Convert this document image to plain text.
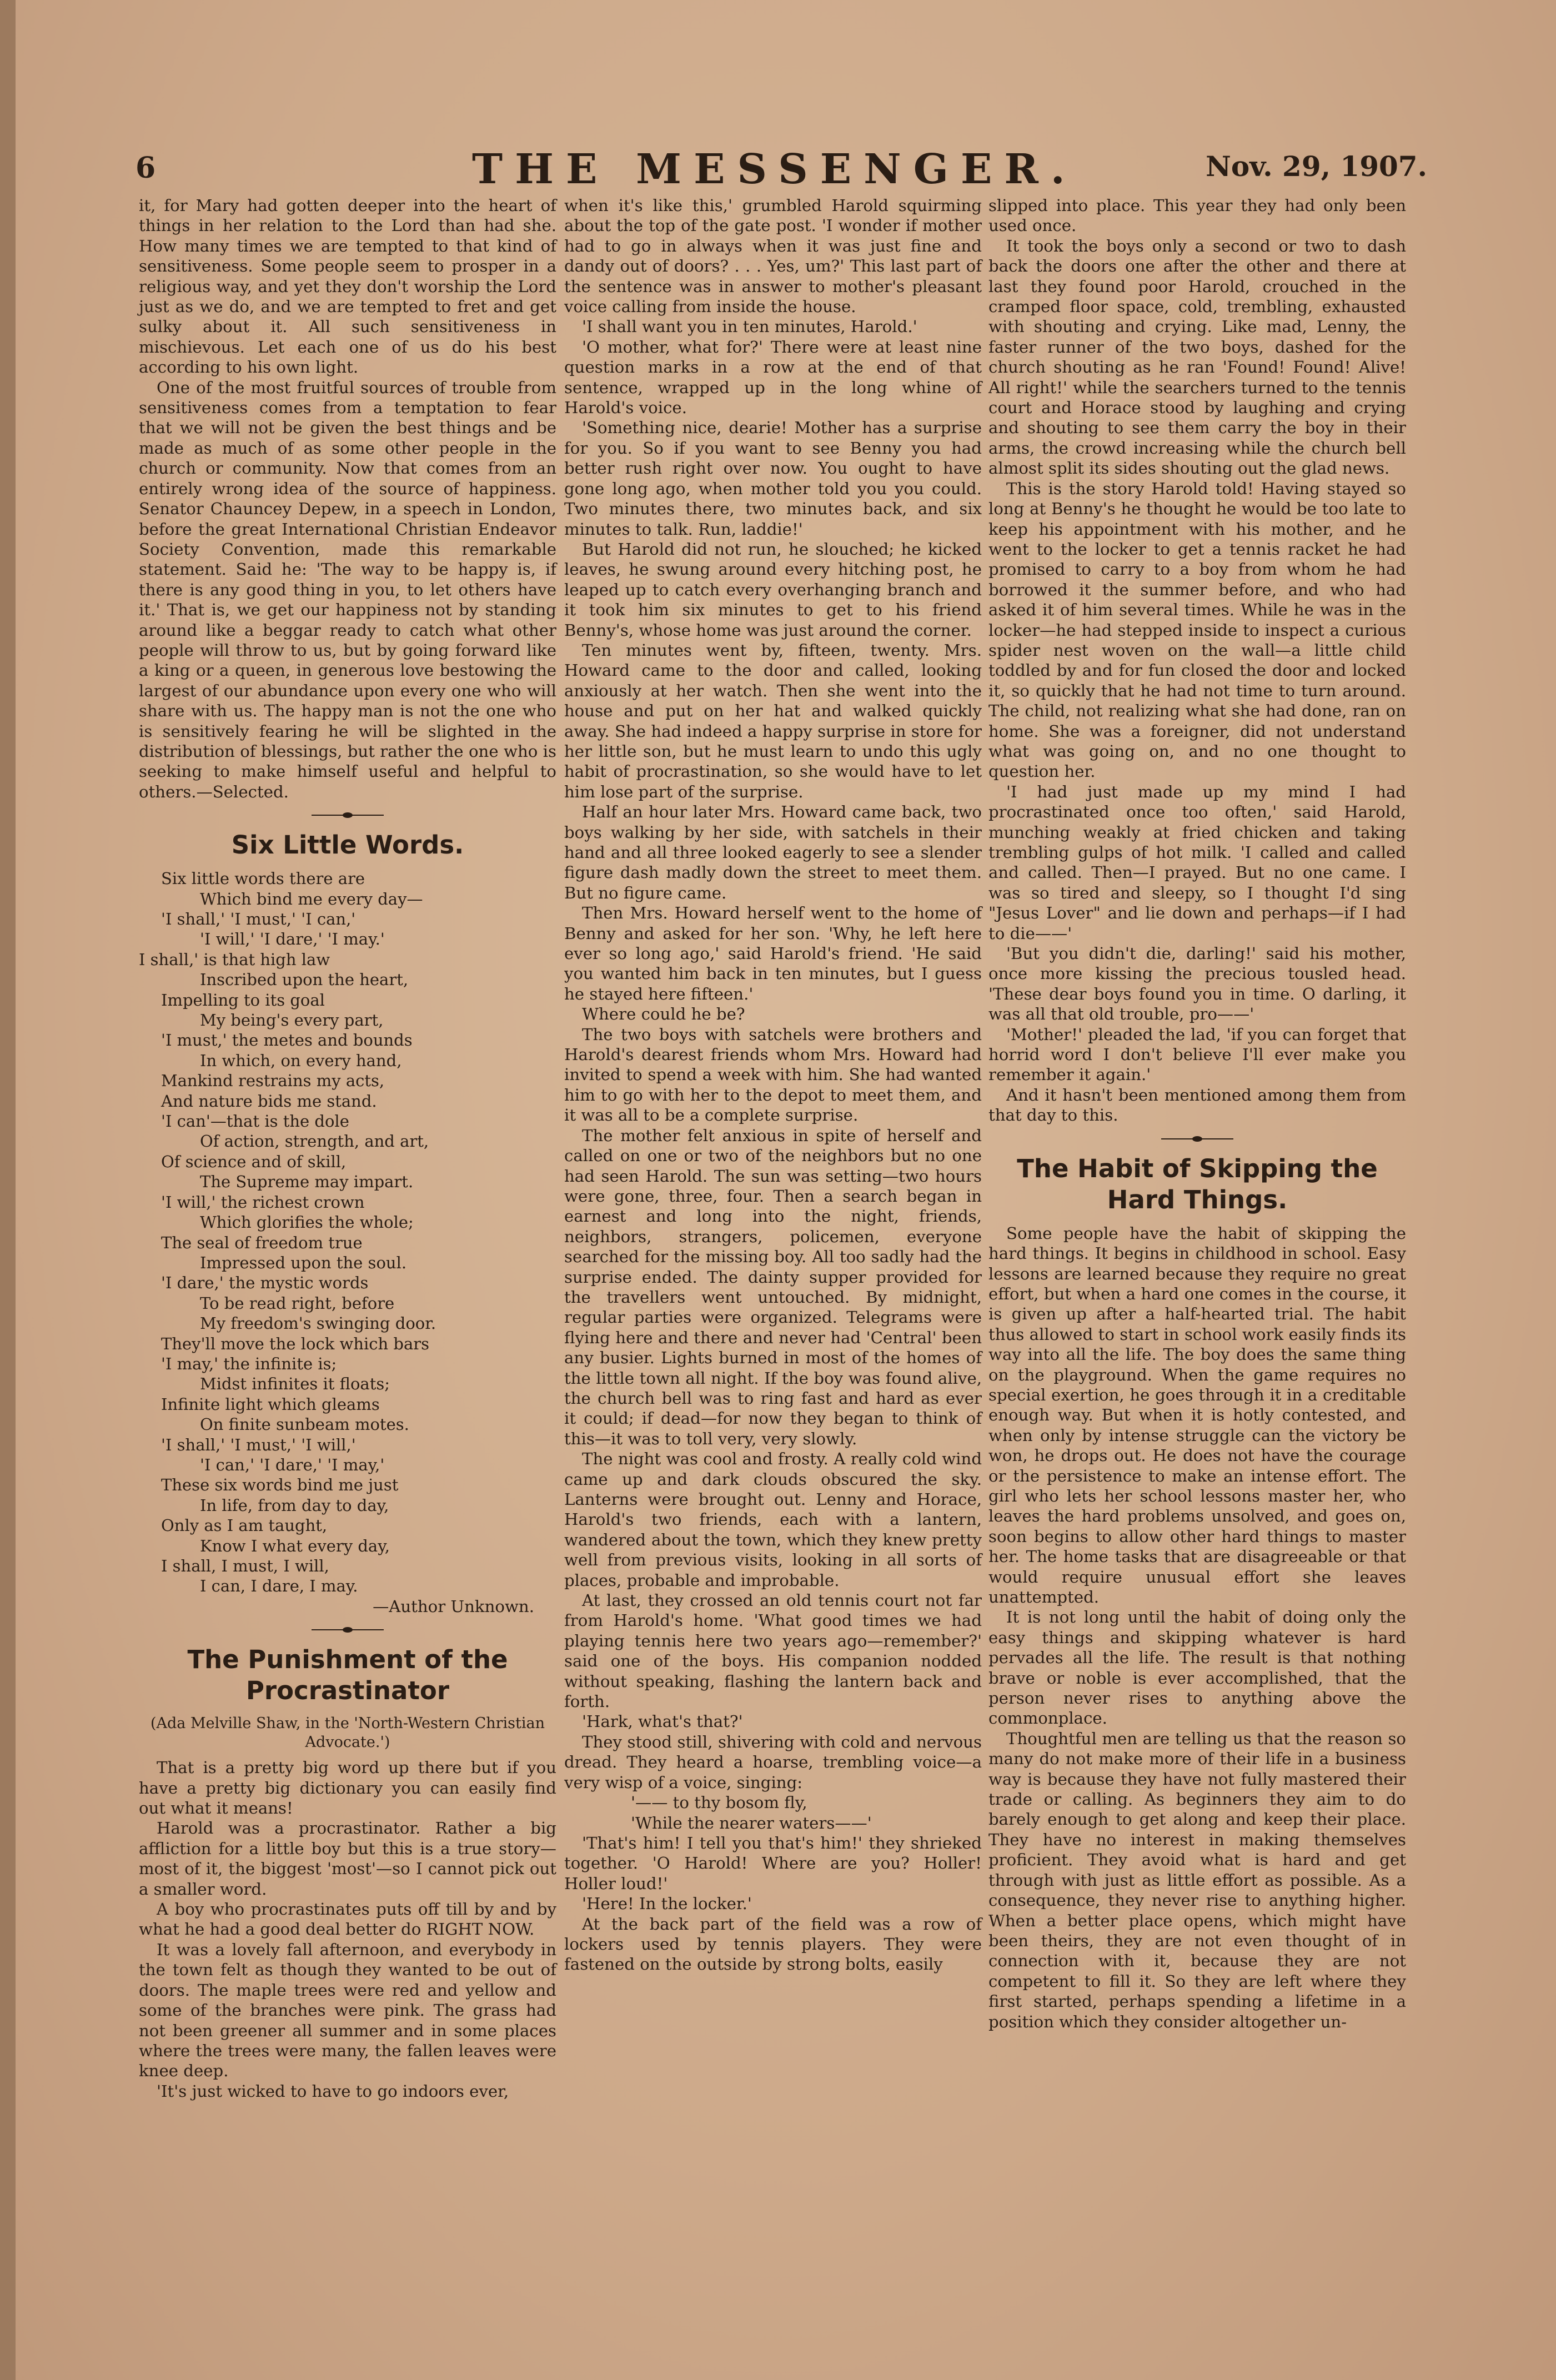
6	THE MESSENGER.	Nov. 29, 1907.

it, for Mary had gotten deeper into the heart of things in her relation to the Lord than had she. How many times we are tempted to that kind of sensitiveness. Some people seem to prosper in a religious way, and yet they don't worship the Lord just as we do, and we are tempted to fret and get sulky about it. All such sensitiveness in mischievous. Let each one of us do his best according to his own light.

One of the most fruitful sources of trouble from sensitiveness comes from a temptation to fear that we will not be given the best things and be made as much of as some other people in the church or community. Now that comes from an entirely wrong idea of the source of happiness. Senator Chauncey Depew, in a speech in London, before the great International Christian Endeavor Society Convention, made this remarkable statement. Said he: 'The way to be happy is, if there is any good thing in you, to let others have it.' That is, we get our happiness not by standing around like a beggar ready to catch what other people will throw to us, but by going forward like a king or a queen, in generous love bestowing the largest of our abundance upon every one who will share with us. The happy man is not the one who is sensitively fearing he will be slighted in the distribution of blessings, but rather the one who is seeking to make himself useful and helpful to others.—Selected.

Six Little Words.
Six little words there are
Which bind me every day—
'I shall,' 'I must,' 'I can,'
'I will,' 'I dare,' 'I may.'
I shall,' is that high law
Inscribed upon the heart,
Impelling to its goal
My being's every part,
'I must,' the metes and bounds
In which, on every hand,
Mankind restrains my acts,
And nature bids me stand.
'I can'—that is the dole
Of action, strength, and art,
Of science and of skill,
The Supreme may impart.
'I will,' the richest crown
Which glorifies the whole;
The seal of freedom true
Impressed upon the soul.
'I dare,' the mystic words
To be read right, before
My freedom's swinging door.
They'll move the lock which bars
'I may,' the infinite is;
Midst infinites it floats;
Infinite light which gleams
On finite sunbeam motes.
'I shall,' 'I must,' 'I will,'
'I can,' 'I dare,' 'I may,'
These six words bind me just
In life, from day to day,
Only as I am taught,
Know I what every day,
I shall, I must, I will,
I can, I dare, I may.
—Author Unknown.
The Punishment of the Procrastinator
(Ada Melville Shaw, in the 'North-Western Christian Advocate.')

That is a pretty big word up there but if you have a pretty big dictionary you can easily find out what it means!

Harold was a procrastinator. Rather a big affliction for a little boy but this is a true story—most of it, the biggest 'most'—so I cannot pick out a smaller word.

A boy who procrastinates puts off till by and by what he had a good deal better do RIGHT NOW.

It was a lovely fall afternoon, and everybody in the town felt as though they wanted to be out of doors. The maple trees were red and yellow and some of the branches were pink. The grass had not been greener all summer and in some places where the trees were many, the fallen leaves were knee deep.

'It's just wicked to have to go indoors ever,

when it's like this,' grumbled Harold squirming about the top of the gate post. 'I wonder if mother had to go in always when it was just fine and dandy out of doors? . . . Yes, um?' This last part of the sentence was in answer to mother's pleasant voice calling from inside the house.

'I shall want you in ten minutes, Harold.'

'O mother, what for?' There were at least nine question marks in a row at the end of that sentence, wrapped up in the long whine of Harold's voice.

'Something nice, dearie! Mother has a surprise for you. So if you want to see Benny you had better rush right over now. You ought to have gone long ago, when mother told you you could. Two minutes there, two minutes back, and six minutes to talk. Run, laddie!'

But Harold did not run, he slouched; he kicked leaves, he swung around every hitching post, he leaped up to catch every overhanging branch and it took him six minutes to get to his friend Benny's, whose home was just around the corner.

Ten minutes went by, fifteen, twenty. Mrs. Howard came to the door and called, looking anxiously at her watch. Then she went into the house and put on her hat and walked quickly away. She had indeed a happy surprise in store for her little son, but he must learn to undo this ugly habit of procrastination, so she would have to let him lose part of the surprise.

Half an hour later Mrs. Howard came back, two boys walking by her side, with satchels in their hand and all three looked eagerly to see a slender figure dash madly down the street to meet them. But no figure came.

Then Mrs. Howard herself went to the home of Benny and asked for her son. 'Why, he left here ever so long ago,' said Harold's friend. 'He said you wanted him back in ten minutes, but I guess he stayed here fifteen.'

Where could he be?

The two boys with satchels were brothers and Harold's dearest friends whom Mrs. Howard had invited to spend a week with him. She had wanted him to go with her to the depot to meet them, and it was all to be a complete surprise.

The mother felt anxious in spite of herself and called on one or two of the neighbors but no one had seen Harold. The sun was setting—two hours were gone, three, four. Then a search began in earnest and long into the night, friends, neighbors, strangers, policemen, everyone searched for the missing boy. All too sadly had the surprise ended. The dainty supper provided for the travellers went untouched. By midnight, regular parties were organized. Telegrams were flying here and there and never had 'Central' been any busier. Lights burned in most of the homes of the little town all night. If the boy was found alive, the church bell was to ring fast and hard as ever it could; if dead—for now they began to think of this—it was to toll very, very slowly.

The night was cool and frosty. A really cold wind came up and dark clouds obscured the sky. Lanterns were brought out. Lenny and Horace, Harold's two friends, each with a lantern, wandered about the town, which they knew pretty well from previous visits, looking in all sorts of places, probable and improbable.

At last, they crossed an old tennis court not far from Harold's home. 'What good times we had playing tennis here two years ago—remember?' said one of the boys. His companion nodded without speaking, flashing the lantern back and forth.

'Hark, what's that?'

They stood still, shivering with cold and nervous dread. They heard a hoarse, trembling voice—a very wisp of a voice, singing:

'—— to thy bosom fly,

'While the nearer waters——'

'That's him! I tell you that's him!' they shrieked together. 'O Harold! Where are you? Holler! Holler loud!'

'Here! In the locker.'

At the back part of the field was a row of lockers used by tennis players. They were fastened on the outside by strong bolts, easily

slipped into place. This year they had only been used once.

It took the boys only a second or two to dash back the doors one after the other and there at last they found poor Harold, crouched in the cramped floor space, cold, trembling, exhausted with shouting and crying. Like mad, Lenny, the faster runner of the two boys, dashed for the church shouting as he ran 'Found! Found! Alive! All right!' while the searchers turned to the tennis court and Horace stood by laughing and crying and shouting to see them carry the boy in their arms, the crowd increasing while the church bell almost split its sides shouting out the glad news.

This is the story Harold told! Having stayed so long at Benny's he thought he would be too late to keep his appointment with his mother, and he went to the locker to get a tennis racket he had promised to carry to a boy from whom he had borrowed it the summer before, and who had asked it of him several times. While he was in the locker—he had stepped inside to inspect a curious spider nest woven on the wall—a little child toddled by and for fun closed the door and locked it, so quickly that he had not time to turn around. The child, not realizing what she had done, ran on home. She was a foreigner, did not understand what was going on, and no one thought to question her.

'I had just made up my mind I had procrastinated once too often,' said Harold, munching weakly at fried chicken and taking trembling gulps of hot milk. 'I called and called and called. Then—I prayed. But no one came. I was so tired and sleepy, so I thought I'd sing "Jesus Lover" and lie down and perhaps—if I had to die——'

'But you didn't die, darling!' said his mother, once more kissing the precious tousled head. 'These dear boys found you in time. O darling, it was all that old trouble, pro——'

'Mother!' pleaded the lad, 'if you can forget that horrid word I don't believe I'll ever make you remember it again.'

And it hasn't been mentioned among them from that day to this.

The Habit of Skipping the Hard Things.

Some people have the habit of skipping the hard things. It begins in childhood in school. Easy lessons are learned because they require no great effort, but when a hard one comes in the course, it is given up after a half-hearted trial. The habit thus allowed to start in school work easily finds its way into all the life. The boy does the same thing on the playground. When the game requires no special exertion, he goes through it in a creditable enough way. But when it is hotly contested, and when only by intense struggle can the victory be won, he drops out. He does not have the courage or the persistence to make an intense effort. The girl who lets her school lessons master her, who leaves the hard problems unsolved, and goes on, soon begins to allow other hard things to master her. The home tasks that are disagreeable or that would require unusual effort she leaves unattempted.

It is not long until the habit of doing only the easy things and skipping whatever is hard pervades all the life. The result is that nothing brave or noble is ever accomplished, that the person never rises to anything above the commonplace.

Thoughtful men are telling us that the reason so many do not make more of their life in a business way is because they have not fully mastered their trade or calling. As beginners they aim to do barely enough to get along and keep their place. They have no interest in making themselves proficient. They avoid what is hard and get through with just as little effort as possible. As a consequence, they never rise to anything higher. When a better place opens, which might have been theirs, they are not even thought of in connection with it, because they are not competent to fill it. So they are left where they first started, perhaps spending a lifetime in a position which they consider altogether un-
